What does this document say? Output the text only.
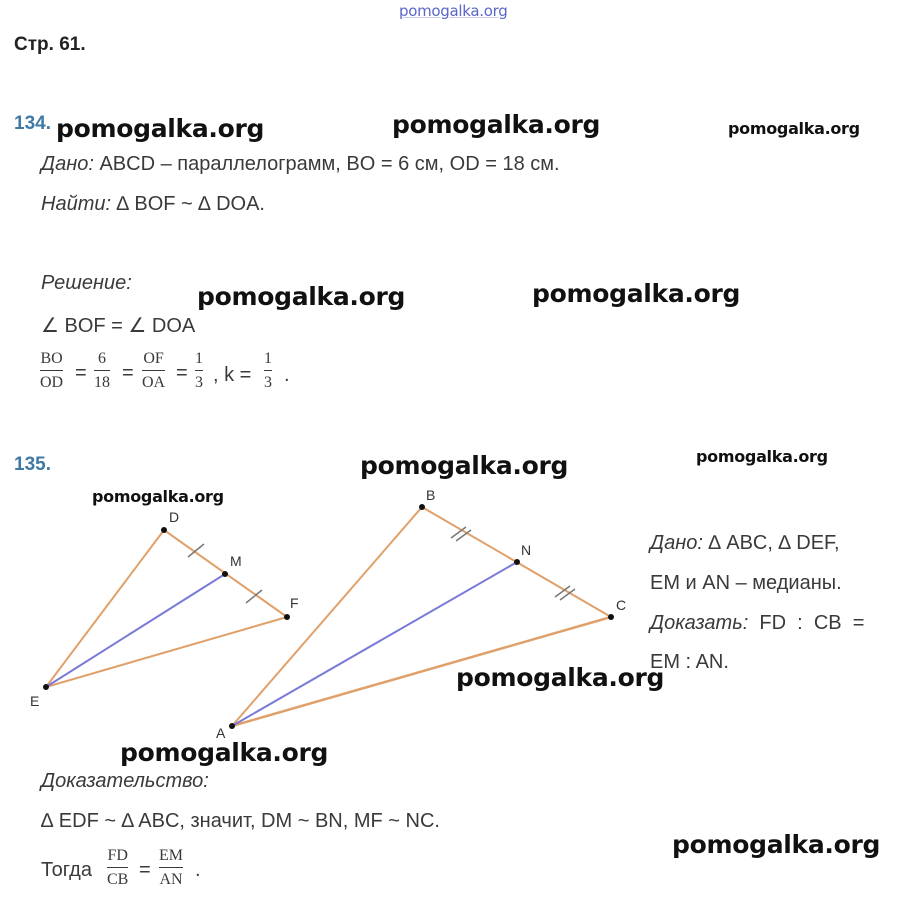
pomogalka.org
Стр. 61.
134.
Дано: ABCD – параллелограмм, BO = 6 см, OD = 18 см.
Найти: ∆ BOF ~ ∆ DOA.
Решение:
∠ BOF = ∠ DOA
BO
OD =
6
18 =
OF
OA =
1
3 , k =
1
3 .
135.
D
M
F
E
B
N
C
A
Дано: ∆ ABC, ∆ DEF,
EM и AN – медианы.
Доказать:  FD  :  CB  =
EM : AN.
Доказательство:
∆ EDF ~ ∆ ABC, значит, DM ~ BN, MF ~ NC.
Тогда
FD
CB =
EM
AN .
pomogalka.org	pomogalka.org	pomogalka.org
pomogalka.org	pomogalka.org
pomogalka.org	pomogalka.org
pomogalka.org
pomogalka.org
pomogalka.org
pomogalka.org
